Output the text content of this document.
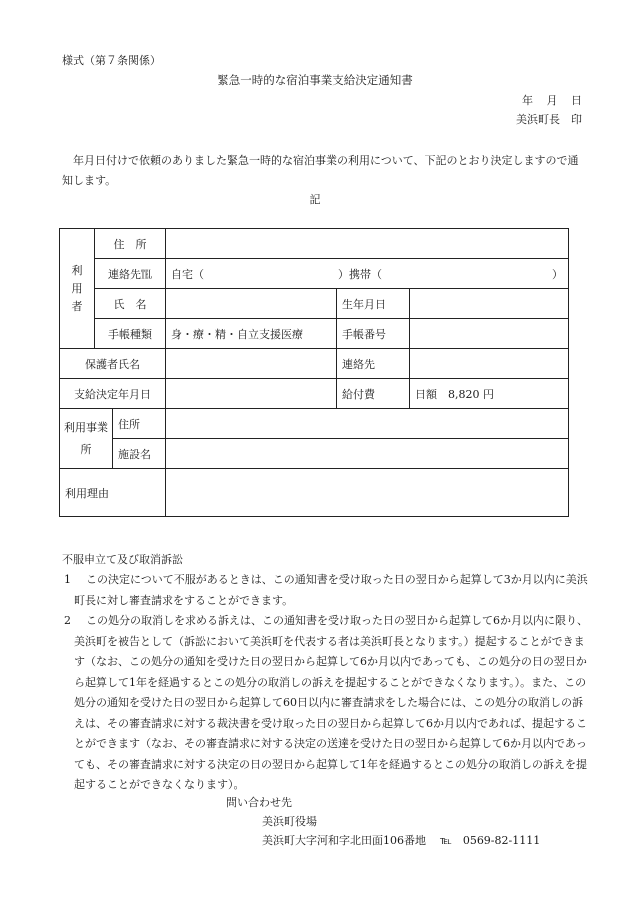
様式（第７条関係）
緊急一時的な宿泊事業支給決定通知書
年 月 日
美浜町長　印
年月日付けで依頼のありました緊急一時的な宿泊事業の利用について、下記のとおり決定しますので通知します。
記
利用者	住　所				
	連絡先℡		自宅（ ）携帯（ ）		

	氏　名			生年月日	
	手帳種類		身・療・精・自立支援医療	手帳番号	
保護者氏名				連絡先	
支給決定年月日				給付費	日額　8,820 円
利用事業所		住所			
		施設名			
利用理由					
不服申立て及び取消訴訟
1	この決定について不服があるときは、この通知書を受け取った日の翌日から起算して3か月以内に美浜町長に対し審査請求をすることができます。
2	この処分の取消しを求める訴えは、この通知書を受け取った日の翌日から起算して6か月以内に限り、美浜町を被告として（訴訟において美浜町を代表する者は美浜町長となります。）提起することができます（なお、この処分の通知を受けた日の翌日から起算して6か月以内であっても、この処分の日の翌日から起算して1年を経過するとこの処分の取消しの訴えを提起することができなくなります。）。また、この処分の通知を受けた日の翌日から起算して60日以内に審査請求をした場合には、この処分の取消しの訴えは、その審査請求に対する裁決書を受け取った日の翌日から起算して6か月以内であれば、提起することができます（なお、その審査請求に対する決定の送達を受けた日の翌日から起算して6か月以内であっても、その審査請求に対する決定の日の翌日から起算して1年を経過するとこの処分の取消しの訴えを提起することができなくなります）。
問い合わせ先
美浜町役場
美浜町大字河和字北田面106番地 ℡　0569-82-1111
